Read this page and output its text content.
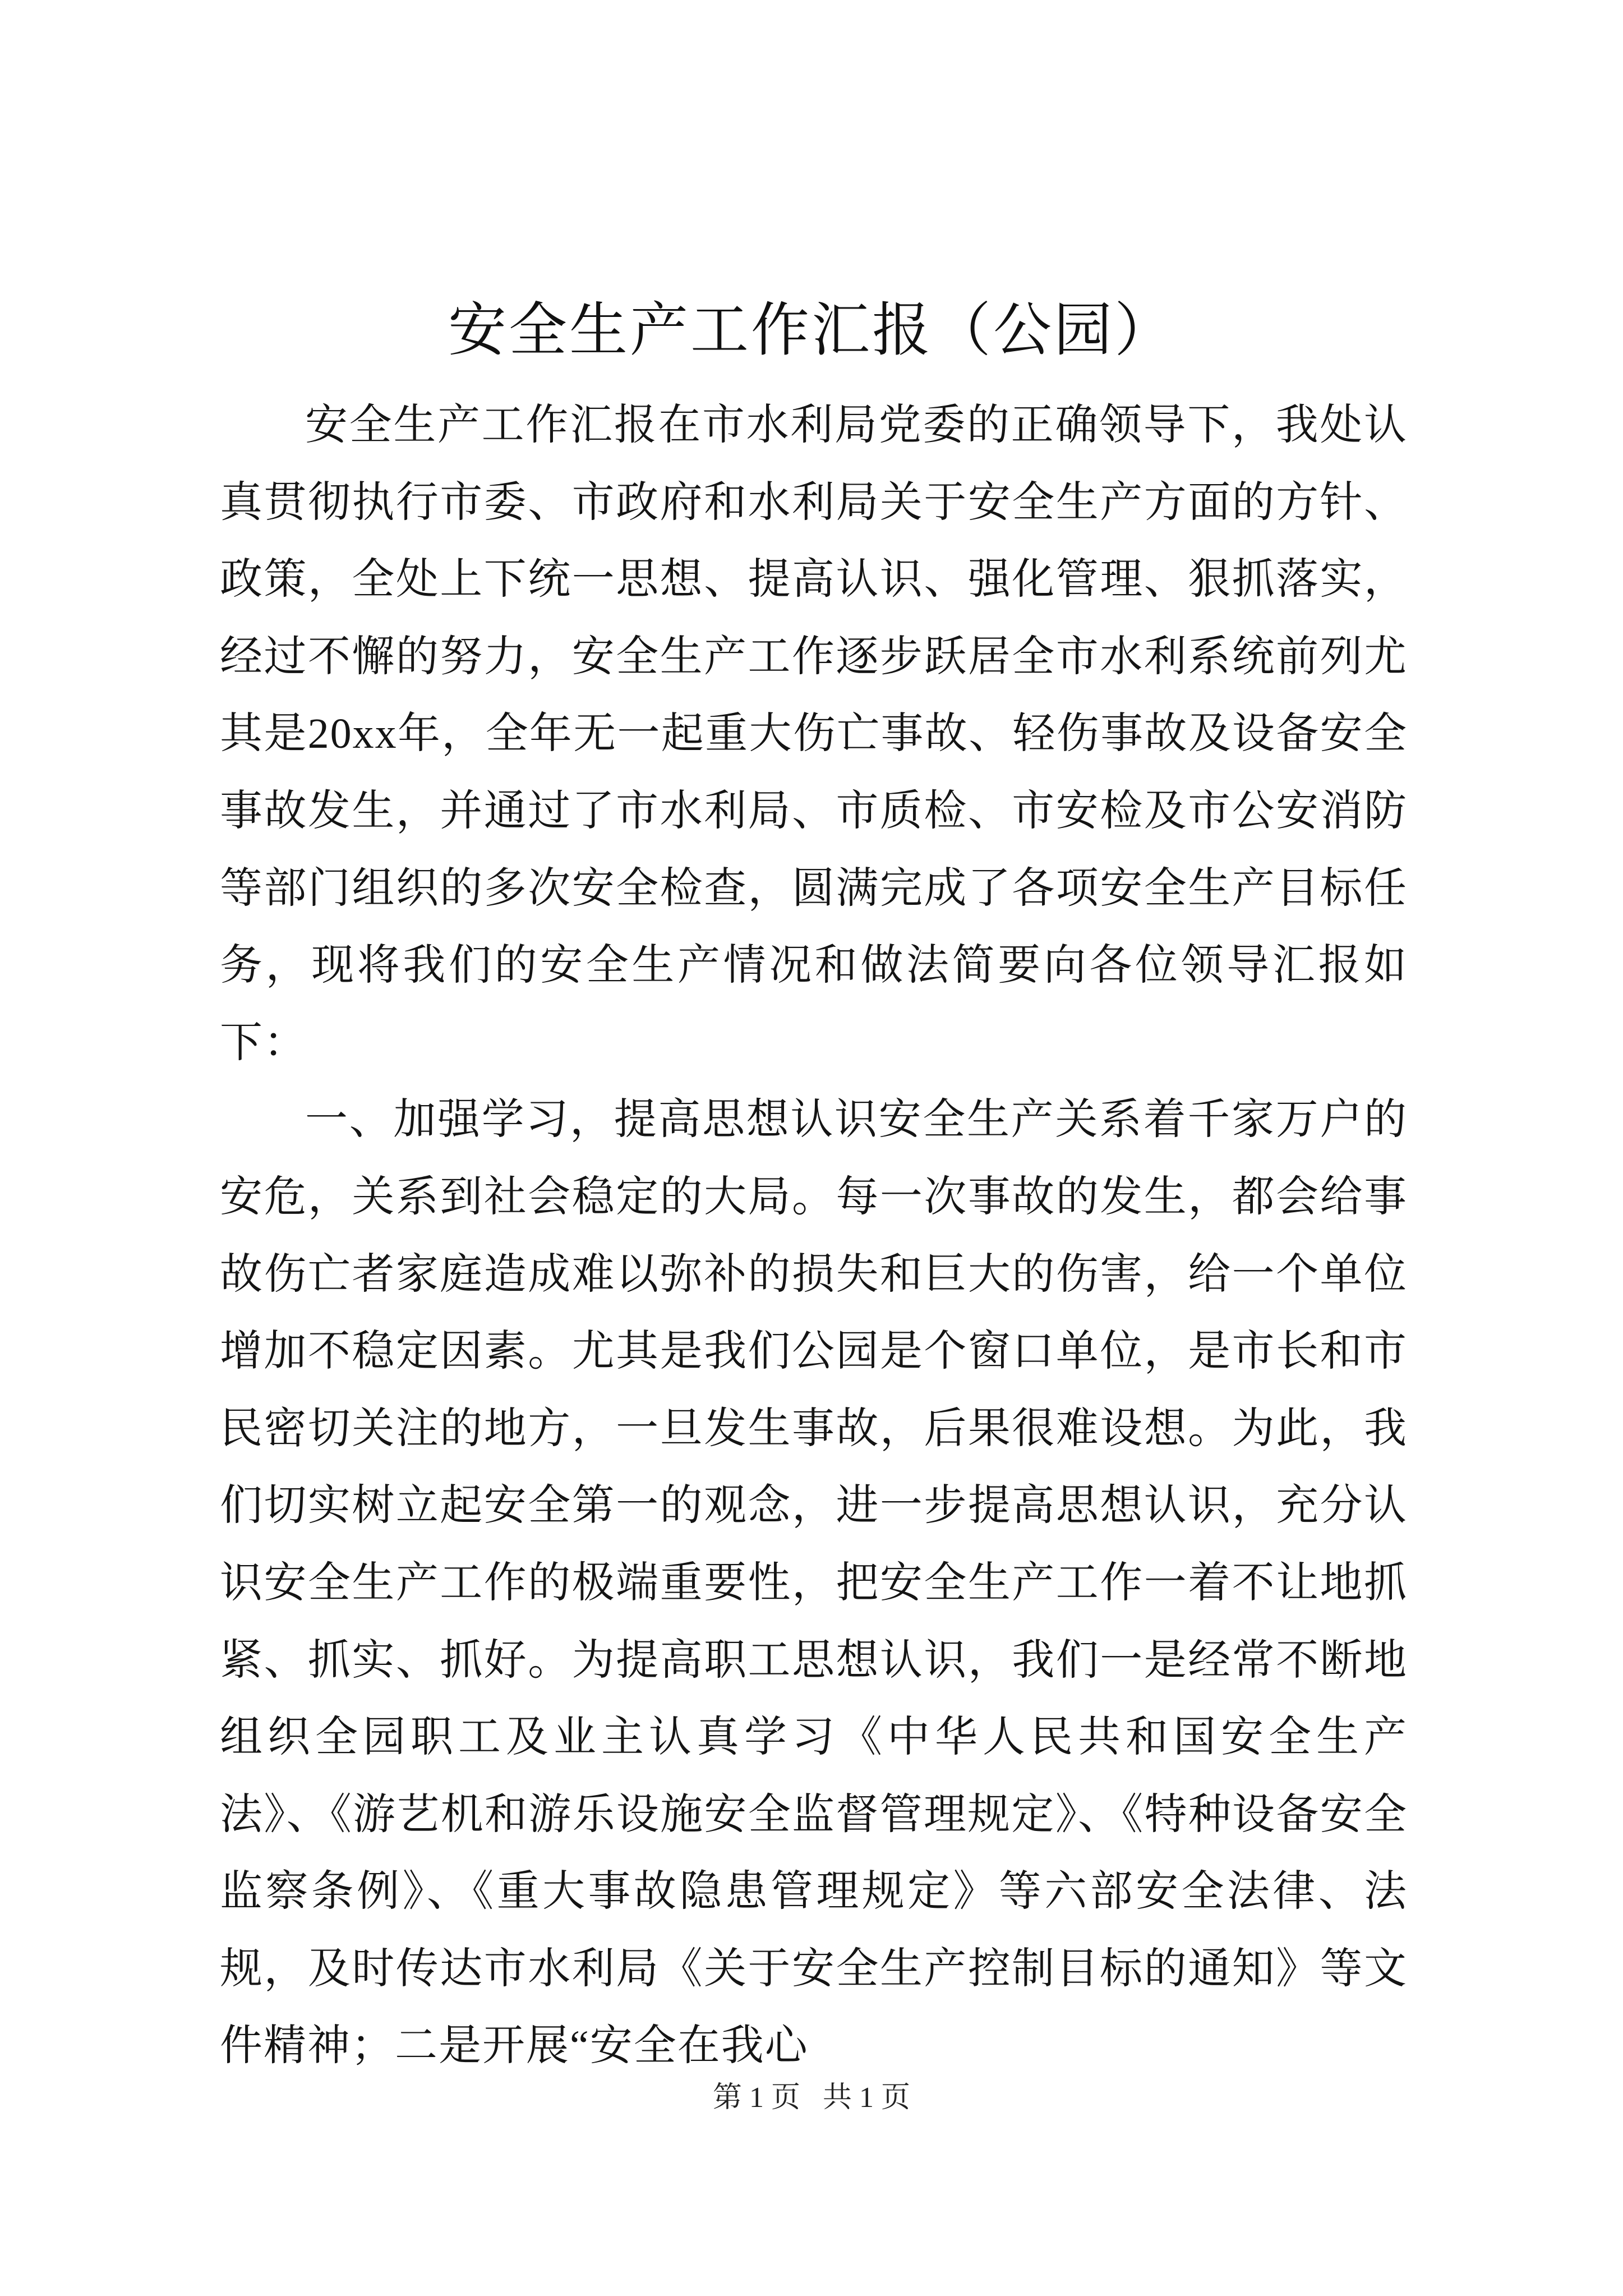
安全生产工作汇报（公园）

安全生产工作汇报在市水利局党委的正确领导下，我处认真贯彻执行市委、市政府和水利局关于安全生产方面的方针、政策，全处上下统一思想、提高认识、强化管理、狠抓落实，经过不懈的努力，安全生产工作逐步跃居全市水利系统前列尤其是20xx年，全年无一起重大伤亡事故、轻伤事故及设备安全事故发生，并通过了市水利局、市质检、市安检及市公安消防等部门组织的多次安全检查，圆满完成了各项安全生产目标任务，现将我们的安全生产情况和做法简要向各位领导汇报如下：

一、加强学习，提高思想认识安全生产关系着千家万户的安危，关系到社会稳定的大局。每一次事故的发生，都会给事故伤亡者家庭造成难以弥补的损失和巨大的伤害，给一个单位增加不稳定因素。尤其是我们公园是个窗口单位，是市长和市民密切关注的地方，一旦发生事故，后果很难设想。为此，我们切实树立起安全第一的观念，进一步提高思想认识，充分认识安全生产工作的极端重要性，把安全生产工作一着不让地抓紧、抓实、抓好。为提高职工思想认识，我们一是经常不断地组织全园职工及业主认真学习《中华人民共和国安全生产法》、《游艺机和游乐设施安全监督管理规定》、《特种设备安全监察条例》、《重大事故隐患管理规定》等六部安全法律、法规，及时传达市水利局《关于安全生产控制目标的通知》等文件精神；二是开展“安全在我心

第 1 页 共 1 页
